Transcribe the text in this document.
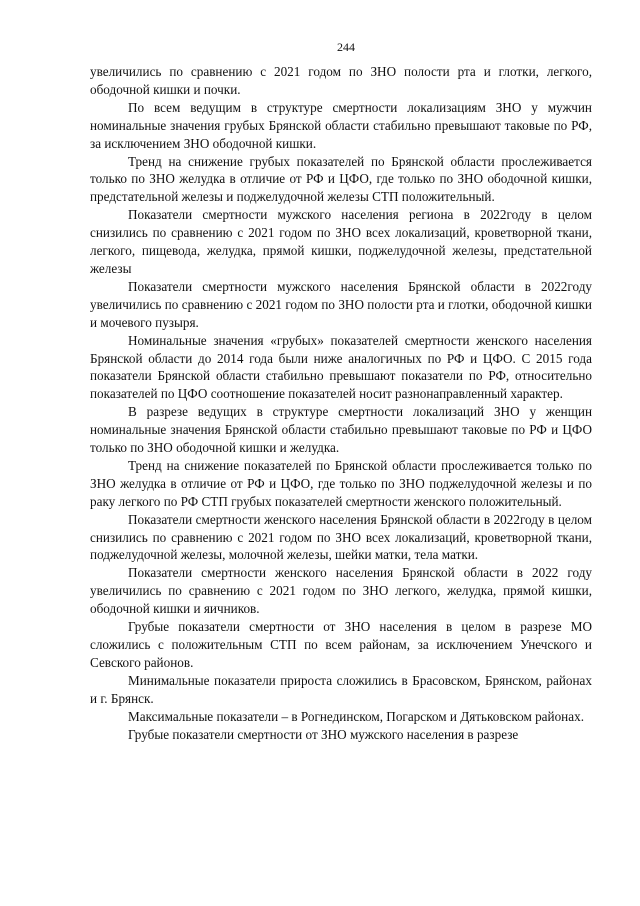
244

увеличились по сравнению с 2021 годом по ЗНО полости рта и глотки, легкого, ободочной кишки и почки.

По всем ведущим в структуре смертности локализациям ЗНО у мужчин номинальные значения грубых Брянской области стабильно превышают таковые по РФ, за исключением ЗНО ободочной кишки.

Тренд на снижение грубых показателей по Брянской области прослеживается только по ЗНО желудка в отличие от РФ и ЦФО, где только по ЗНО ободочной кишки, предстательной железы и поджелудочной железы СТП положительный.

Показатели смертности мужского населения региона в 2022году в целом снизились по сравнению с 2021 годом по ЗНО всех локализаций, кроветворной ткани, легкого, пищевода, желудка, прямой кишки, поджелудочной железы, предстательной железы

Показатели смертности мужского населения Брянской области в 2022году увеличились по сравнению с 2021 годом по ЗНО полости рта и глотки, ободочной кишки и мочевого пузыря.

Номинальные значения «грубых» показателей смертности женского населения Брянской области до 2014 года были ниже аналогичных по РФ и ЦФО. С 2015 года показатели Брянской области стабильно превышают показатели по РФ, относительно показателей по ЦФО соотношение показателей носит разнонаправленный характер.

В разрезе ведущих в структуре смертности локализаций ЗНО у женщин номинальные значения Брянской области стабильно превышают таковые по РФ и ЦФО только по ЗНО ободочной кишки и желудка.

Тренд на снижение показателей по Брянской области прослеживается только по ЗНО желудка в отличие от РФ и ЦФО, где только по ЗНО поджелудочной железы и по раку легкого по РФ СТП грубых показателей смертности женского положительный.

Показатели смертности женского населения Брянской области в 2022году в целом снизились по сравнению с 2021 годом по ЗНО всех локализаций, кроветворной ткани, поджелудочной железы, молочной железы, шейки матки, тела матки.

Показатели смертности женского населения Брянской области в 2022 году увеличились по сравнению с 2021 годом по ЗНО легкого, желудка, прямой кишки, ободочной кишки и яичников.

Грубые показатели смертности от ЗНО населения в целом в разрезе МО сложились с положительным СТП по всем районам, за исключением Унечского и Севского районов.

Минимальные показатели прироста сложились в Брасовском, Брянском, районах и г. Брянск.

Максимальные показатели – в Рогнединском, Погарском и Дятьковском районах.

Грубые показатели смертности от ЗНО мужского населения в разрезе
